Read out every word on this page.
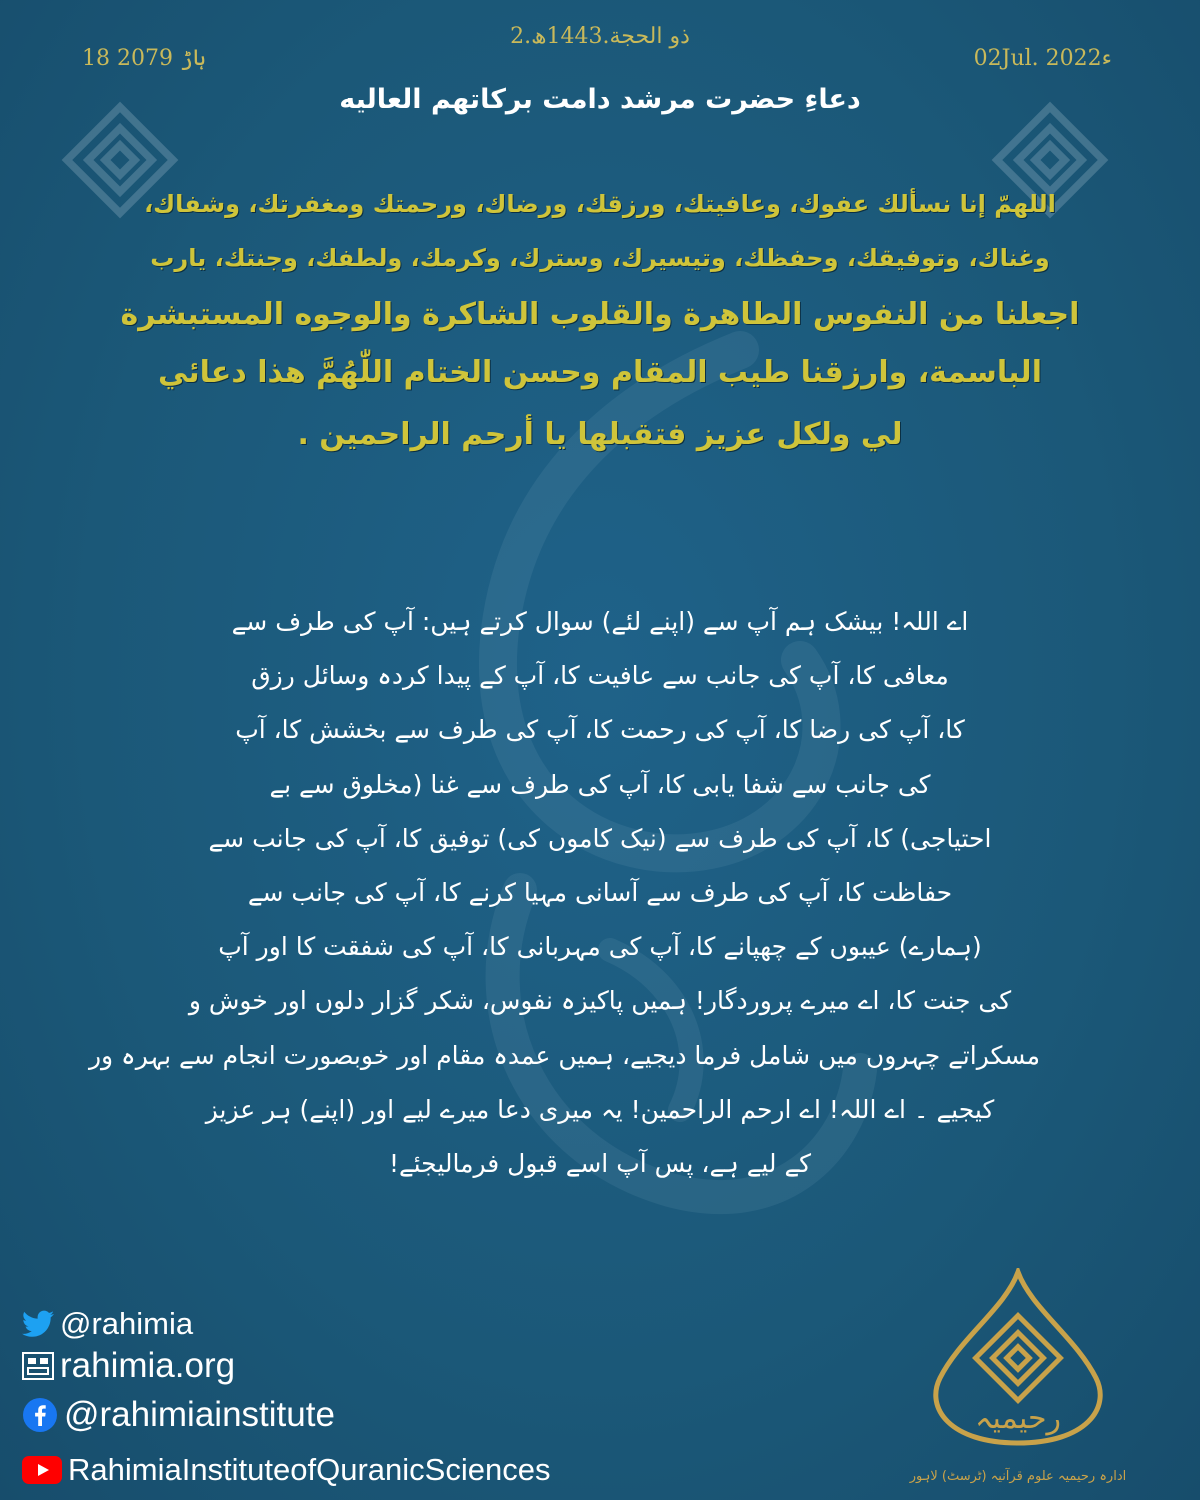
2.ذو الحجة.1443ھ
18 ہاڑ 2079	02Jul. 2022ء
دعاءِ حضرت مرشد دامت برکاتهم العالیه
اللهمّ إنا نسألك عفوك، وعافيتك، ورزقك، ورضاك، ورحمتك ومغفرتك، وشفاك،
وغناك، وتوفيقك، وحفظك، وتيسيرك، وسترك، وكرمك، ولطفك، وجنتك، يارب
اجعلنا من النفوس الطاهرة والقلوب الشاكرة والوجوه المستبشرة
الباسمة، وارزقنا طيب المقام وحسن الختام اللّٰهُمَّ هذا دعائي
لي ولكل عزيز فتقبلها يا أرحم الراحمين .
اے اللہ! بیشک ہم آپ سے (اپنے لئے) سوال کرتے ہیں: آپ کی طرف سے
معافی کا، آپ کی جانب سے عافیت کا، آپ کے پیدا کردہ وسائل رزق
کا، آپ کی رضا کا، آپ کی رحمت کا، آپ کی طرف سے بخشش کا، آپ
کی جانب سے شفا یابی کا، آپ کی طرف سے غنا (مخلوق سے بے
احتیاجی) کا، آپ کی طرف سے (نیک کاموں کی) توفیق کا، آپ کی جانب سے
حفاظت کا، آپ کی طرف سے آسانی مہیا کرنے کا، آپ کی جانب سے
(ہمارے) عیبوں کے چھپانے کا، آپ کی مہربانی کا، آپ کی شفقت کا اور آپ
کی جنت کا، اے میرے پروردگار! ہمیں پاکیزہ نفوس، شکر گزار دلوں اور خوش و
مسکراتے چہروں میں شامل فرما دیجیے، ہمیں عمدہ مقام اور خوبصورت انجام سے بہرہ ور
کیجیے ۔ اے اللہ! اے ارحم الراحمین! یہ میری دعا میرے لیے اور (اپنے) ہر عزیز
کے لیے ہے، پس آپ اسے قبول فرمالیجئے!
@rahimia
rahimia.org
@rahimiainstitute
RahimiaInstituteofQuranicSciences
رحیمیہ
ادارہ رحیمیہ علوم قرآنیہ (ٹرسٹ) لاہور
